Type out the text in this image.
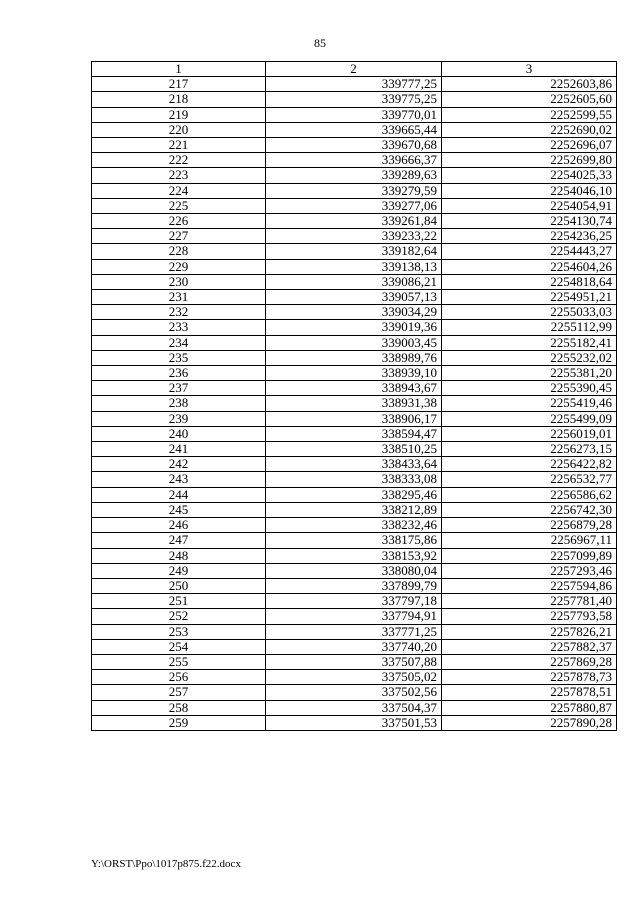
85
1	2	3
217	339777,25	2252603,86
218	339775,25	2252605,60
219	339770,01	2252599,55
220	339665,44	2252690,02
221	339670,68	2252696,07
222	339666,37	2252699,80
223	339289,63	2254025,33
224	339279,59	2254046,10
225	339277,06	2254054,91
226	339261,84	2254130,74
227	339233,22	2254236,25
228	339182,64	2254443,27
229	339138,13	2254604,26
230	339086,21	2254818,64
231	339057,13	2254951,21
232	339034,29	2255033,03
233	339019,36	2255112,99
234	339003,45	2255182,41
235	338989,76	2255232,02
236	338939,10	2255381,20
237	338943,67	2255390,45
238	338931,38	2255419,46
239	338906,17	2255499,09
240	338594,47	2256019,01
241	338510,25	2256273,15
242	338433,64	2256422,82
243	338333,08	2256532,77
244	338295,46	2256586,62
245	338212,89	2256742,30
246	338232,46	2256879,28
247	338175,86	2256967,11
248	338153,92	2257099,89
249	338080,04	2257293,46
250	337899,79	2257594,86
251	337797,18	2257781,40
252	337794,91	2257793,58
253	337771,25	2257826,21
254	337740,20	2257882,37
255	337507,88	2257869,28
256	337505,02	2257878,73
257	337502,56	2257878,51
258	337504,37	2257880,87
259	337501,53	2257890,28
Y:\ORST\Ppo\1017p875.f22.docx
